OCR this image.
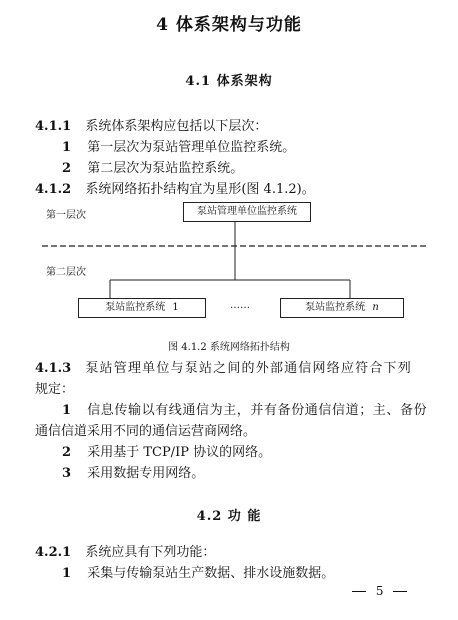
4 体系架构与功能
4.1 体系架构
4.1.1 系统体系架构应包括以下层次：
1 第一层次为泵站管理单位监控系统。
2 第二层次为泵站监控系统。
4.1.2 系统网络拓扑结构宜为星形(图 4.1.2)。
第一层次
第二层次
泵站管理单位监控系统
泵站监控系统 1	……	泵站监控系统 n
图 4.1.2 系统网络拓扑结构
4.1.3 泵站管理单位与泵站之间的外部通信网络应符合下列
规定：
1 信息传输以有线通信为主，并有备份通信信道；主、备份
通信信道采用不同的通信运营商网络。
2 采用基于 TCP/IP 协议的网络。
3 采用数据专用网络。
4.2 功 能
4.2.1 系统应具有下列功能：
1 采集与传输泵站生产数据、排水设施数据。
5
